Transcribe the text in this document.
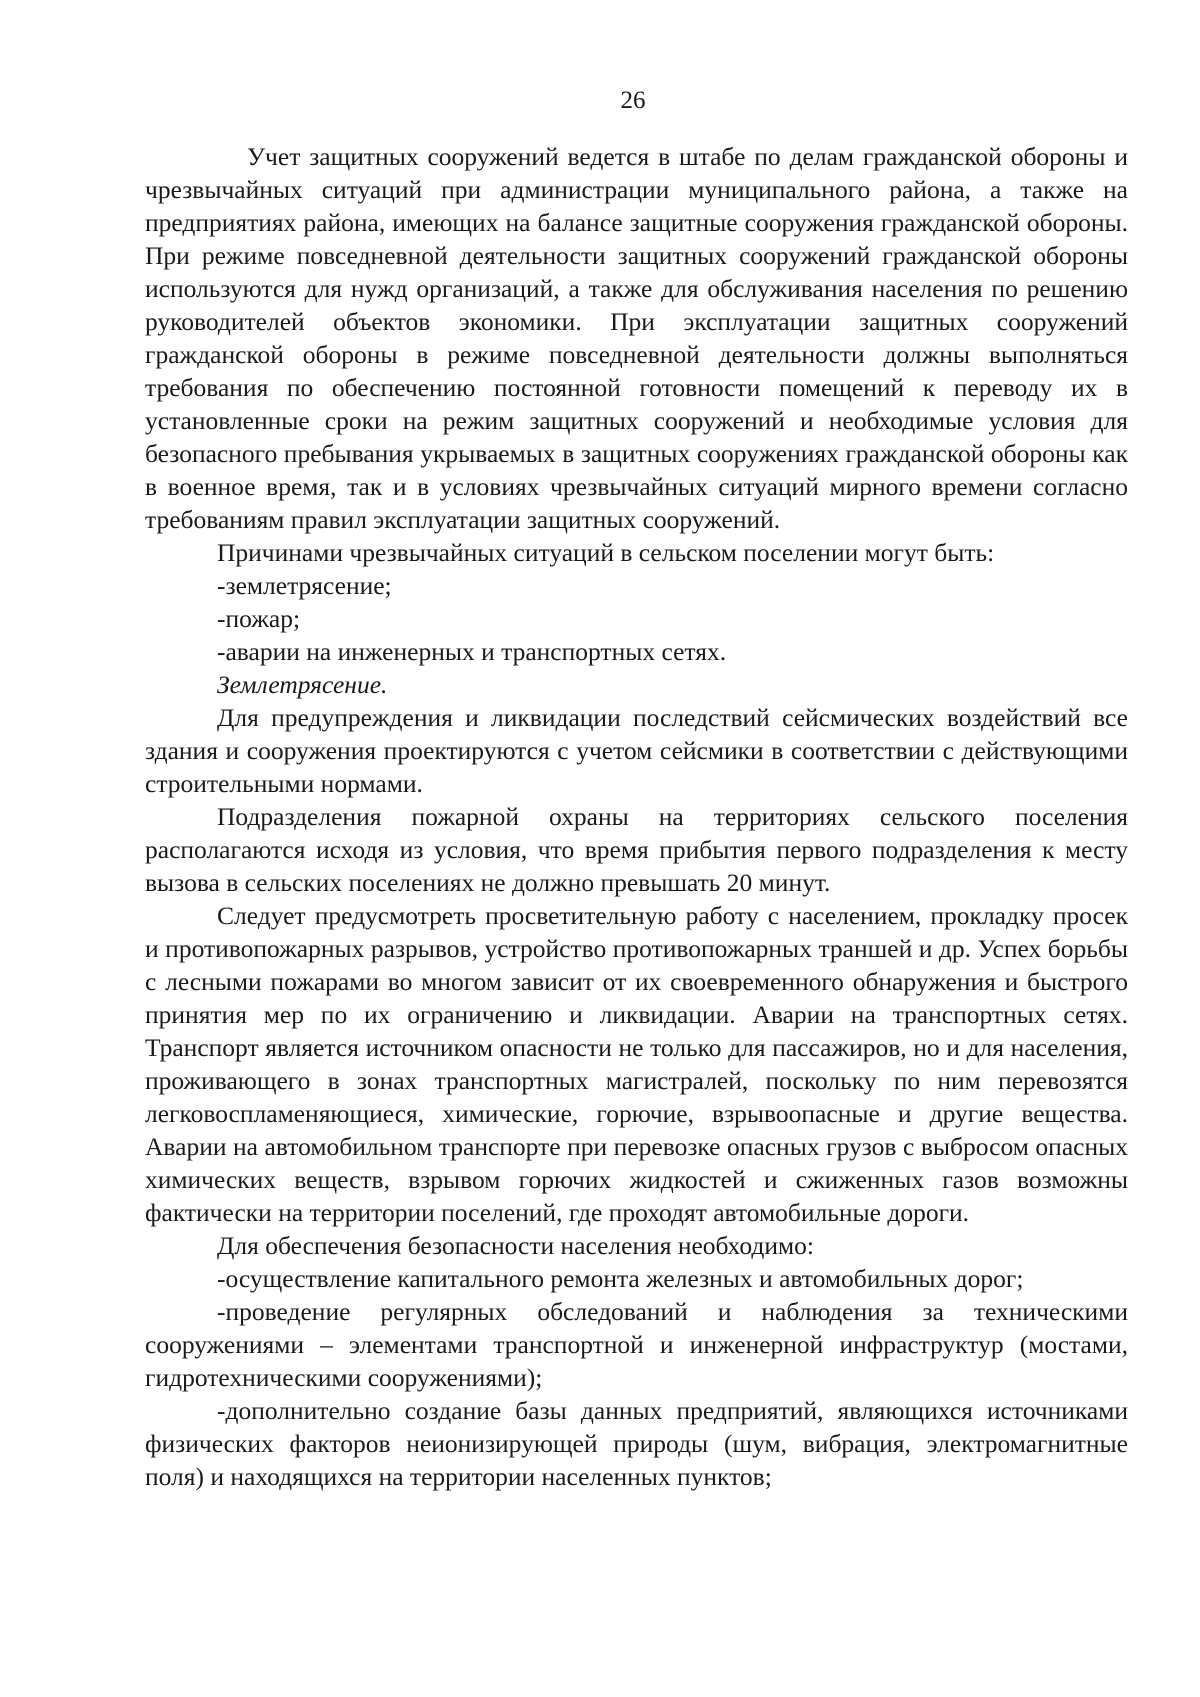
26

Учет защитных сооружений ведется в штабе по делам гражданской обороны и чрезвычайных ситуаций при администрации муниципального района, а также на предприятиях района, имеющих на балансе защитные сооружения гражданской обороны. При режиме повседневной деятельности защитных сооружений гражданской обороны используются для нужд организаций, а также для обслуживания населения по решению руководителей объектов экономики. При эксплуатации защитных сооружений гражданской обороны в режиме повседневной деятельности должны выполняться требования по обеспечению постоянной готовности помещений к переводу их в установленные сроки на режим защитных сооружений и необходимые условия для безопасного пребывания укрываемых в защитных сооружениях гражданской обороны как в военное время, так и в условиях чрезвычайных ситуаций мирного времени согласно требованиям правил эксплуатации защитных сооружений.

Причинами чрезвычайных ситуаций в сельском поселении могут быть:

-землетрясение;

-пожар;

-аварии на инженерных и транспортных сетях.

Землетрясение.

Для предупреждения и ликвидации последствий сейсмических воздействий все здания и сооружения проектируются с учетом сейсмики в соответствии с действующими строительными нормами.

Подразделения пожарной охраны на территориях сельского поселения располагаются исходя из условия, что время прибытия первого подразделения к месту вызова в сельских поселениях не должно превышать 20 минут.

Следует предусмотреть просветительную работу с населением, прокладку просек и противопожарных разрывов, устройство противопожарных траншей и др. Успех борьбы с лесными пожарами во многом зависит от их своевременного обнаружения и быстрого принятия мер по их ограничению и ликвидации. Аварии на транспортных сетях. Транспорт является источником опасности не только для пассажиров, но и для населения, проживающего в зонах транспортных магистралей, поскольку по ним перевозятся легковоспламеняющиеся, химические, горючие, взрывоопасные и другие вещества. Аварии на автомобильном транспорте при перевозке опасных грузов с выбросом опасных химических веществ, взрывом горючих жидкостей и сжиженных газов возможны фактически на территории поселений, где проходят автомобильные дороги.

Для обеспечения безопасности населения необходимо:

-осуществление капитального ремонта железных и автомобильных дорог;

-проведение регулярных обследований и наблюдения за техническими сооружениями – элементами транспортной и инженерной инфраструктур (мостами, гидротехническими сооружениями);

-дополнительно создание базы данных предприятий, являющихся источниками физических факторов неионизирующей природы (шум, вибрация, электромагнитные поля) и находящихся на территории населенных пунктов;
